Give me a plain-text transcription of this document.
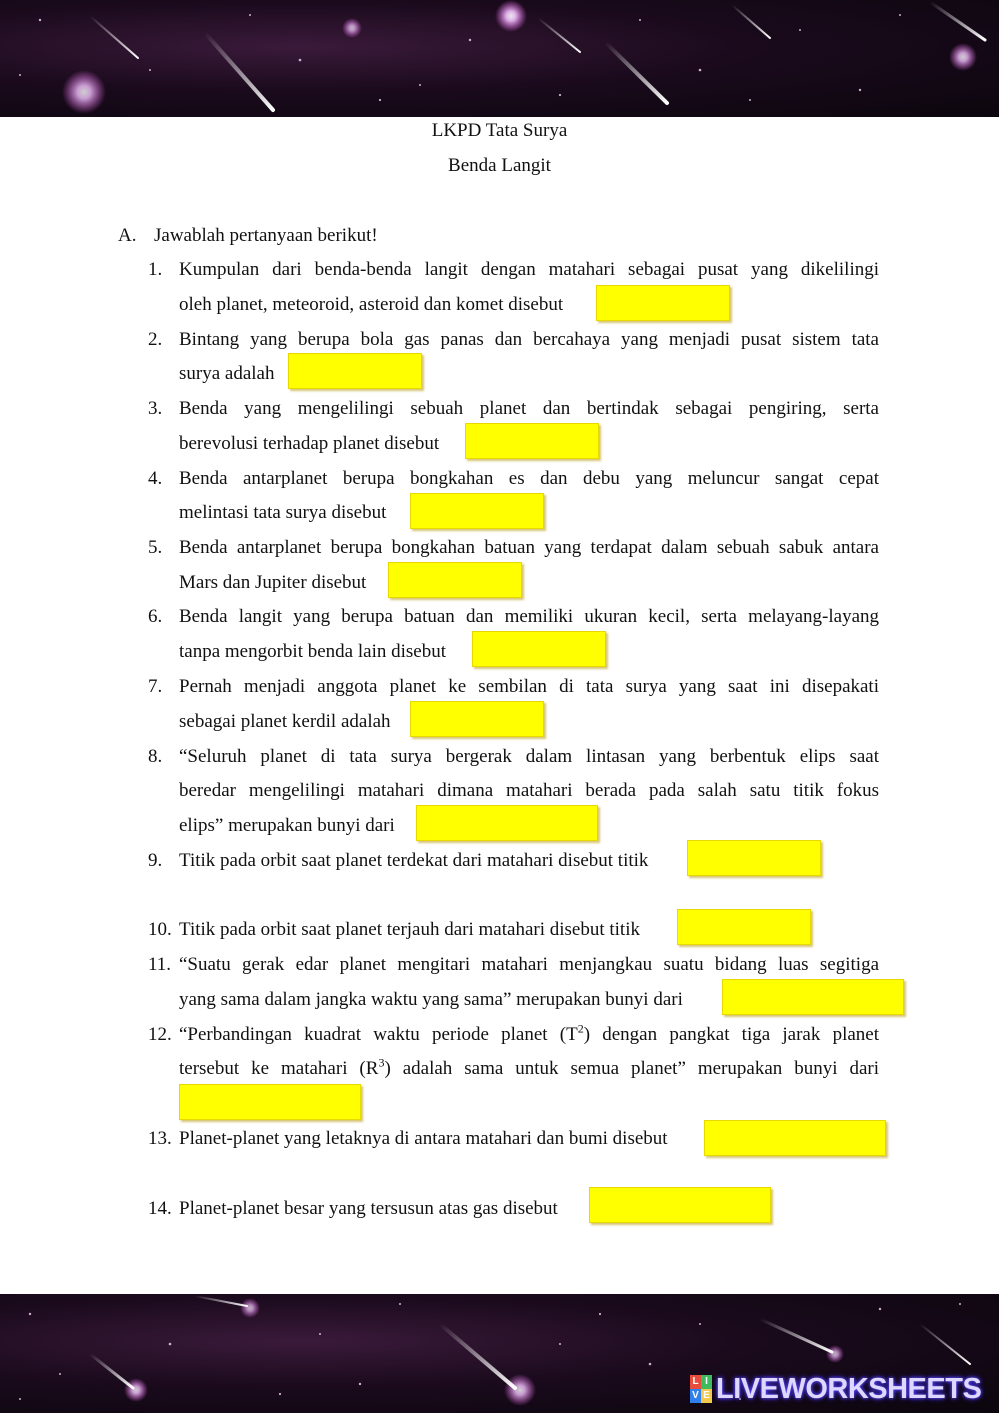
LKPD Tata Surya
Benda Langit
A. Jawablah pertanyaan berikut!
1. Kumpulan dari benda-benda langit dengan matahari sebagai pusat yang dikelilingi
oleh planet, meteoroid, asteroid dan komet disebut
2. Bintang yang berupa bola gas panas dan bercahaya yang menjadi pusat sistem tata
surya adalah
3. Benda yang mengelilingi sebuah planet dan bertindak sebagai pengiring, serta
berevolusi terhadap planet disebut
4. Benda antarplanet berupa bongkahan es dan debu yang meluncur sangat cepat
melintasi tata surya disebut
5. Benda antarplanet berupa bongkahan batuan yang terdapat dalam sebuah sabuk antara
Mars dan Jupiter disebut
6. Benda langit yang berupa batuan dan memiliki ukuran kecil, serta melayang-layang
tanpa mengorbit benda lain disebut
7. Pernah menjadi anggota planet ke sembilan di tata surya yang saat ini disepakati
sebagai planet kerdil adalah
8. “Seluruh planet di tata surya bergerak dalam lintasan yang berbentuk elips saat
beredar mengelilingi matahari dimana matahari berada pada salah satu titik fokus
elips” merupakan bunyi dari
9. Titik pada orbit saat planet terdekat dari matahari disebut titik
10. Titik pada orbit saat planet terjauh dari matahari disebut titik
11. “Suatu gerak edar planet mengitari matahari menjangkau suatu bidang luas segitiga
yang sama dalam jangka waktu yang sama” merupakan bunyi dari
12. “Perbandingan kuadrat waktu periode planet $(T^2)$ dengan pangkat tiga jarak planet
tersebut ke matahari $(R^3)$ adalah sama untuk semua planet” merupakan bunyi dari
13. Planet-planet yang letaknya di antara matahari dan bumi disebut
14. Planet-planet besar yang tersusun atas gas disebut
L I
V E LIVEWORKSHEETS
